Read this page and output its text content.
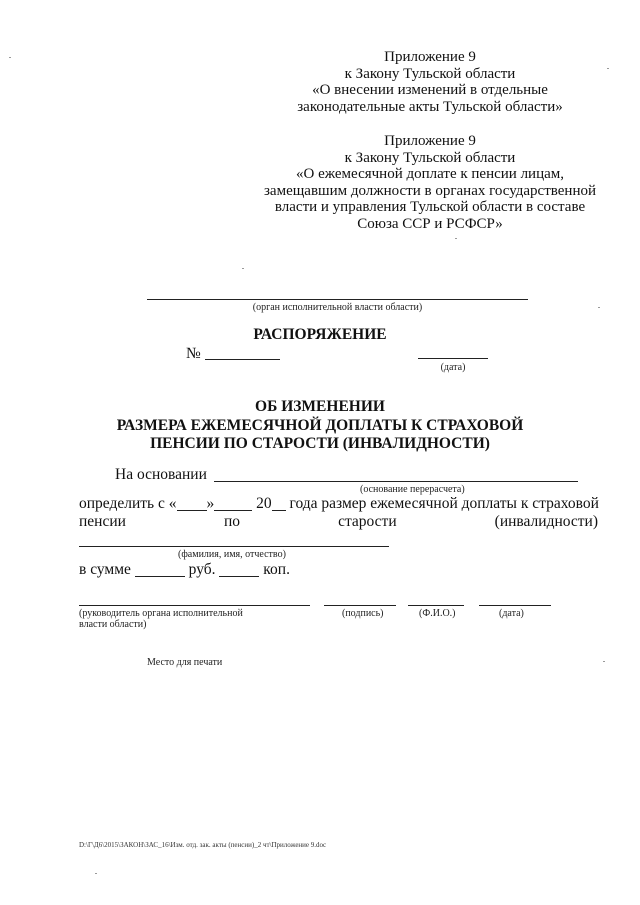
Приложение 9
к Закону Тульской области
«О внесении изменений в отдельные
законодательные акты Тульской области»
Приложение 9
к Закону Тульской области
«О ежемесячной доплате к пенсии лицам,
замещавшим должности в органах государственной
власти и управления Тульской области в составе
Союза ССР и РСФСР»
(орган исполнительной власти области)
РАСПОРЯЖЕНИЕ
№
(дата)
ОБ ИЗМЕНЕНИИ
РАЗМЕРА ЕЖЕМЕСЯЧНОЙ ДОПЛАТЫ К СТРАХОВОЙ
ПЕНСИИ ПО СТАРОСТИ (ИНВАЛИДНОСТИ)
На основании
(основание перерасчета)
определить с « »	20 года размер ежемесячной доплаты к страховой
пенсии	по	старости	(инвалидности)
(фамилия, имя, отчество)
в сумме	руб.	коп.
(руководитель органа исполнительной
власти области)
(подпись)	(Ф.И.О.)	(дата)
Место для печати
D:\Г\Д6\2015\ЗАКОН\ЗАС_16\Изм. отд. зак. акты (пенсии)_2 чт\Приложение 9.doc
